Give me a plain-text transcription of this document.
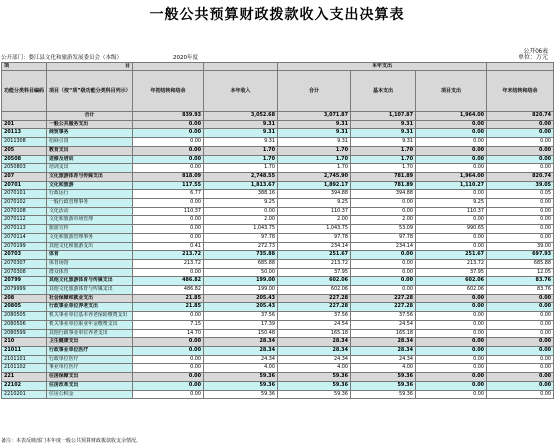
一般公共预算财政拨款收入支出决算表
公开06表
公开部门：婺江县文化和旅游发展委员会（本级）	2020年度	单位：万元
项	目			本年支出			
功能分类科目编码	项目（按“项”级功能分类科目列示）	年初结转和结余	本年收入	合计	基本支出	项目支出	年末结转和结余
	合计	839.93	3,052.68	3,071.87	1,107.87	1,964.00	820.74
201	一般公共服务支出	0.00	9.31	9.31	9.31	0.00	0.00
20113	商贸事务	0.00	9.31	9.31	9.31	0.00	0.00
2011308	招商引资	0.00	9.31	9.31	9.31	0.00	0.00
205	教育支出	0.00	1.70	1.70	1.70	0.00	0.00
20508	进修及培训	0.00	1.70	1.70	1.70	0.00	0.00
2050803	培训支出	0.00	1.70	1.70	1.70	0.00	0.00
207	文化旅游体育与传媒支出	818.09	2,748.55	2,745.90	781.89	1,964.00	820.74
20701	文化和旅游	117.55	1,813.67	1,892.17	781.89	1,110.27	39.05
2070101	行政运行	6.77	388.16	394.88	394.88	0.00	0.05
2070102	一般行政管理事务	0.00	9.25	9.25	0.00	9.25	0.00
2070108	文化活动	110.37	0.00	110.37	0.00	110.37	0.00
2070112	文化和旅游市场管理	0.00	2.00	2.00	2.00	0.00	0.00
2070113	旅游宣传	0.00	1,043.75	1,043.75	53.09	990.65	0.00
2070114	文化和旅游管理事务	0.00	97.78	97.78	97.78	0.00	0.00
2070199	其他文化和旅游支出	0.41	272.73	234.14	234.14	0.00	39.00
20703	体育	213.72	735.88	251.67	0.00	251.67	697.93
2070307	体育场馆	213.72	685.88	213.72	0.00	213.72	685.88
2070308	群众体育	0.00	50.00	37.95	0.00	37.95	12.05
20799	其他文化旅游体育与传媒支出	486.82	199.00	602.06	0.00	602.06	83.76
2079999	其他文化旅游体育与传媒支出	486.82	199.00	602.06	0.00	602.06	83.76
208	社会保障和就业支出	21.85	205.43	227.28	227.28	0.00	0.00
20805	行政事业单位养老支出	21.85	205.43	227.28	227.28	0.00	0.00
2080505	机关事业单位基本养老保险缴费支出	0.00	37.56	37.56	37.56	0.00	0.00
2080506	机关事业单位职业年金缴费支出	7.15	17.39	24.54	24.54	0.00	0.00
2080599	其他行政事业单位养老支出	14.70	150.48	165.18	165.18	0.00	0.00
210	卫生健康支出	0.00	28.34	28.34	28.34	0.00	0.00
21011	行政事业单位医疗	0.00	28.34	28.34	28.34	0.00	0.00
2101101	行政单位医疗	0.00	24.34	24.34	24.34	0.00	0.00
2101102	事业单位医疗	0.00	4.00	4.00	4.00	0.00	0.00
221	住房保障支出	0.00	59.36	59.36	59.36	0.00	0.00
22102	住房改革支出	0.00	59.36	59.36	59.36	0.00	0.00
2210201	住房公积金	0.00	59.36	59.36	59.36	0.00	0.00
备注：本表反映部门本年度一般公共预算财政拨款收支余情况。
